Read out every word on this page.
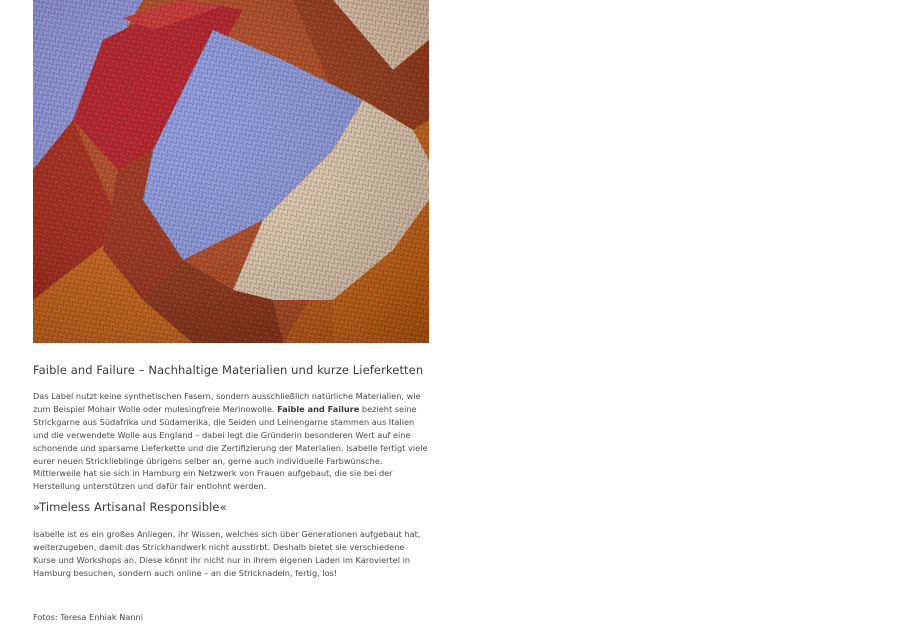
Faible and Failure – Nachhaltige Materialien und kurze Lieferketten

Das Label nutzt keine synthetischen Fasern, sondern ausschließlich natürliche Materialien, wie zum Beispiel Mohair Wolle oder mulesingfreie Merinowolle. Faible and Failure bezieht seine Strickgarne aus Südafrika und Südamerika, die Seiden und Leinengarne stammen aus Italien und die verwendete Wolle aus England – dabei legt die Gründerin besonderen Wert auf eine schonende und sparsame Lieferkette und die Zertifizierung der Materialien. Isabelle fertigt viele eurer neuen Stricklieblinge übrigens selber an, gerne auch individuelle Farbwünsche. Mittlerweile hat sie sich in Hamburg ein Netzwerk von Frauen aufgebaut, die sie bei der Herstellung unterstützen und dafür fair entlohnt werden.

»Timeless Artisanal Responsible«

Isabelle ist es ein großes Anliegen, ihr Wissen, welches sich über Generationen aufgebaut hat, weiterzugeben, damit das Strickhandwerk nicht ausstirbt. Deshalb bietet sie verschiedene Kurse und Workshops an. Diese könnt ihr nicht nur in ihrem eigenen Laden im Karoviertel in Hamburg besuchen, sondern auch online – an die Stricknadeln, fertig, los!

Fotos: Teresa Enhiak Nanni
